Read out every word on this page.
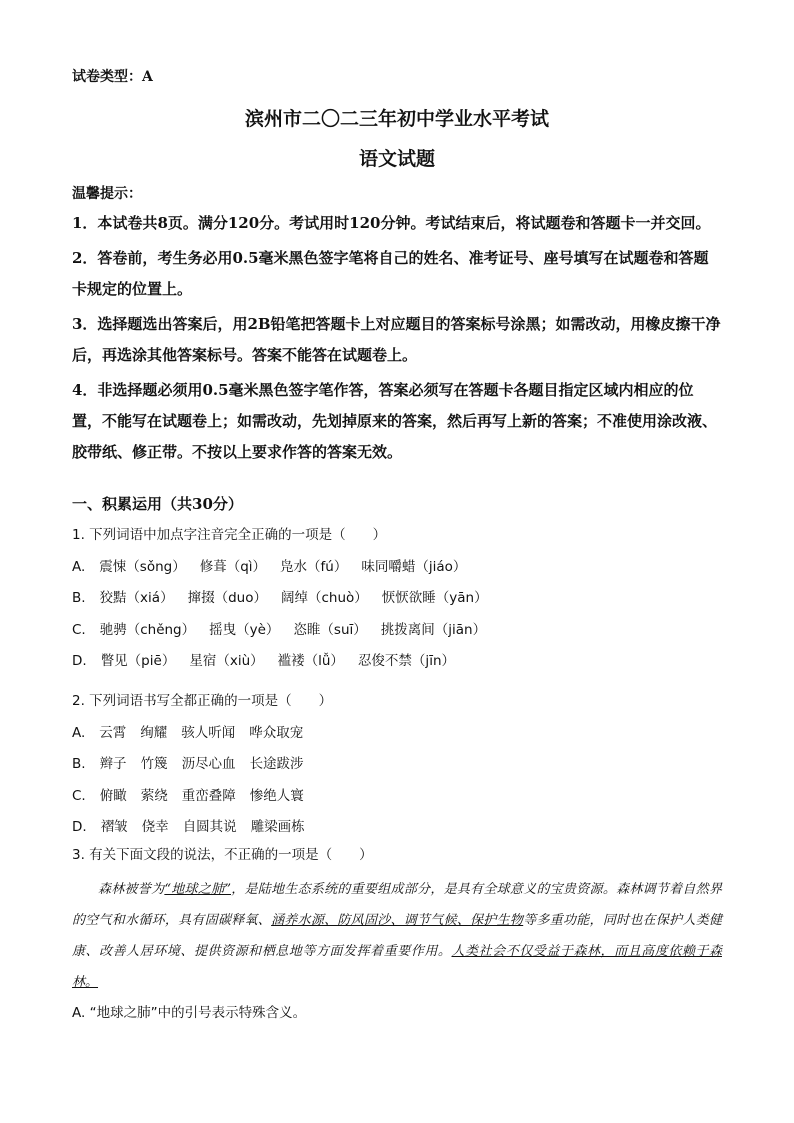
试卷类型：A
滨州市二〇二三年初中学业水平考试
语文试题
温馨提示：

1．本试卷共8页。满分120分。考试用时120分钟。考试结束后，将试题卷和答题卡一并交回。

2．答卷前，考生务必用0.5毫米黑色签字笔将自己的姓名、准考证号、座号填写在试题卷和答题卡规定的位置上。

3．选择题选出答案后，用2B铅笔把答题卡上对应题目的答案标号涂黑；如需改动，用橡皮擦干净后，再选涂其他答案标号。答案不能答在试题卷上。

4．非选择题必须用0.5毫米黑色签字笔作答，答案必须写在答题卡各题目指定区域内相应的位置，不能写在试题卷上；如需改动，先划掉原来的答案，然后再写上新的答案；不准使用涂改液、胶带纸、修正带。不按以上要求作答的答案无效。

一、积累运用（共30分）
1. 下列词语中加点字注音完全正确的一项是（　　）
A. 震悚（sǒng） 修葺（qì） 凫水（fú） 味同嚼蜡（jiáo）
B. 狡黠（xiá） 撺掇（duo） 阔绰（chuò） 恹恹欲睡（yān）
C. 驰骋（chěng） 摇曳（yè） 恣睢（suī） 挑拨离间（jiān）
D. 瞥见（piē） 星宿（xiù） 褴褛（lǚ） 忍俊不禁（jīn）
2. 下列词语书写全都正确的一项是（　　）
A. 云霄 绚耀 骇人听闻 哗众取宠
B. 辫子 竹篾 沥尽心血 长途跋涉
C. 俯瞰 萦绕 重峦叠障 惨绝人寰
D. 褶皱 侥幸 自圆其说 雕梁画栋
3. 有关下面文段的说法，不正确的一项是（　　）
森林被誉为“地球之肺”，是陆地生态系统的重要组成部分，是具有全球意义的宝贵资源。森林调节着自然界的空气和水循环，具有固碳释氧、涵养水源、防风固沙、调节气候、保护生物等多重功能，同时也在保护人类健康、改善人居环境、提供资源和栖息地等方面发挥着重要作用。人类社会不仅受益于森林，而且高度依赖于森林。
A. “地球之肺”中的引号表示特殊含义。
